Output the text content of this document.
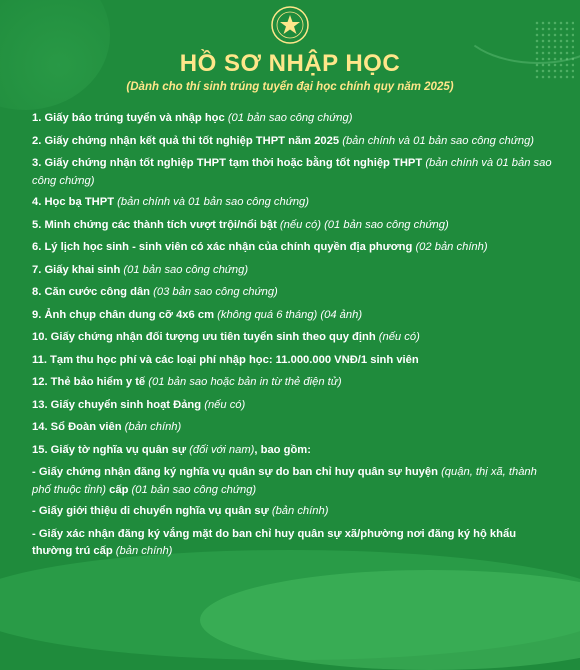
HỒ SƠ NHẬP HỌC
(Dành cho thí sinh trúng tuyển đại học chính quy năm 2025)
1. Giấy báo trúng tuyển và nhập học (01 bản sao công chứng)
2. Giấy chứng nhận kết quả thi tốt nghiệp THPT năm 2025 (bản chính và 01 bản sao công chứng)
3. Giấy chứng nhận tốt nghiệp THPT tạm thời hoặc bằng tốt nghiệp THPT (bản chính và 01 bản sao công chứng)
4. Học bạ THPT (bản chính và 01 bản sao công chứng)
5. Minh chứng các thành tích vượt trội/nổi bật (nếu có) (01 bản sao công chứng)
6. Lý lịch học sinh - sinh viên có xác nhận của chính quyền địa phương (02 bản chính)
7. Giấy khai sinh (01 bản sao công chứng)
8. Căn cước công dân (03 bản sao công chứng)
9. Ảnh chụp chân dung cỡ 4x6 cm (không quá 6 tháng) (04 ảnh)
10. Giấy chứng nhận đối tượng ưu tiên tuyển sinh theo quy định (nếu có)
11. Tạm thu học phí và các loại phí nhập học: 11.000.000 VNĐ/1 sinh viên
12. Thẻ bảo hiểm y tế (01 bản sao hoặc bản in từ thẻ điện tử)
13. Giấy chuyển sinh hoạt Đảng (nếu có)
14. Sổ Đoàn viên (bản chính)
15. Giấy tờ nghĩa vụ quân sự (đối với nam), bao gồm:
- Giấy chứng nhận đăng ký nghĩa vụ quân sự do ban chỉ huy quân sự huyện (quận, thị xã, thành phố thuộc tỉnh) cấp (01 bản sao công chứng)
- Giấy giới thiệu di chuyển nghĩa vụ quân sự (bản chính)
- Giấy xác nhận đăng ký vắng mặt do ban chỉ huy quân sự xã/phường nơi đăng ký hộ khẩu thường trú cấp (bản chính)
